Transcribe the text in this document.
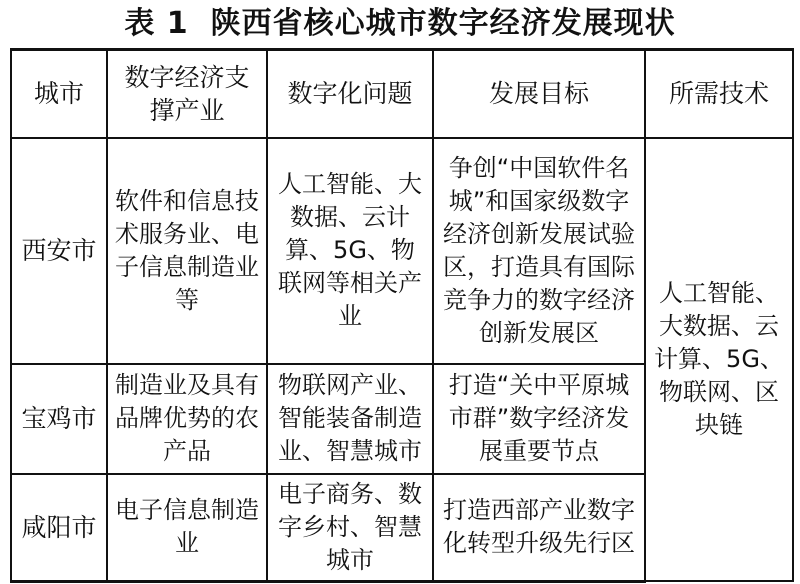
表 1 陕西省核心城市数字经济发展现状
城市	数字经济支撑产业	数字化问题	发展目标	所需技术
西安市	软件和信息技术服务业、电子信息制造业等	人工智能、大数据、云计算、5G、物联网等相关产业	争创“中国软件名城”和国家级数字经济创新发展试验区，打造具有国际竞争力的数字经济创新发展区	人工智能、大数据、云计算、5G、物联网、区块链
宝鸡市	制造业及具有品牌优势的农产品	物联网产业、智能装备制造业、智慧城市	打造“关中平原城市群”数字经济发展重要节点	
咸阳市	电子信息制造业	电子商务、数字乡村、智慧城市	打造西部产业数字化转型升级先行区	
